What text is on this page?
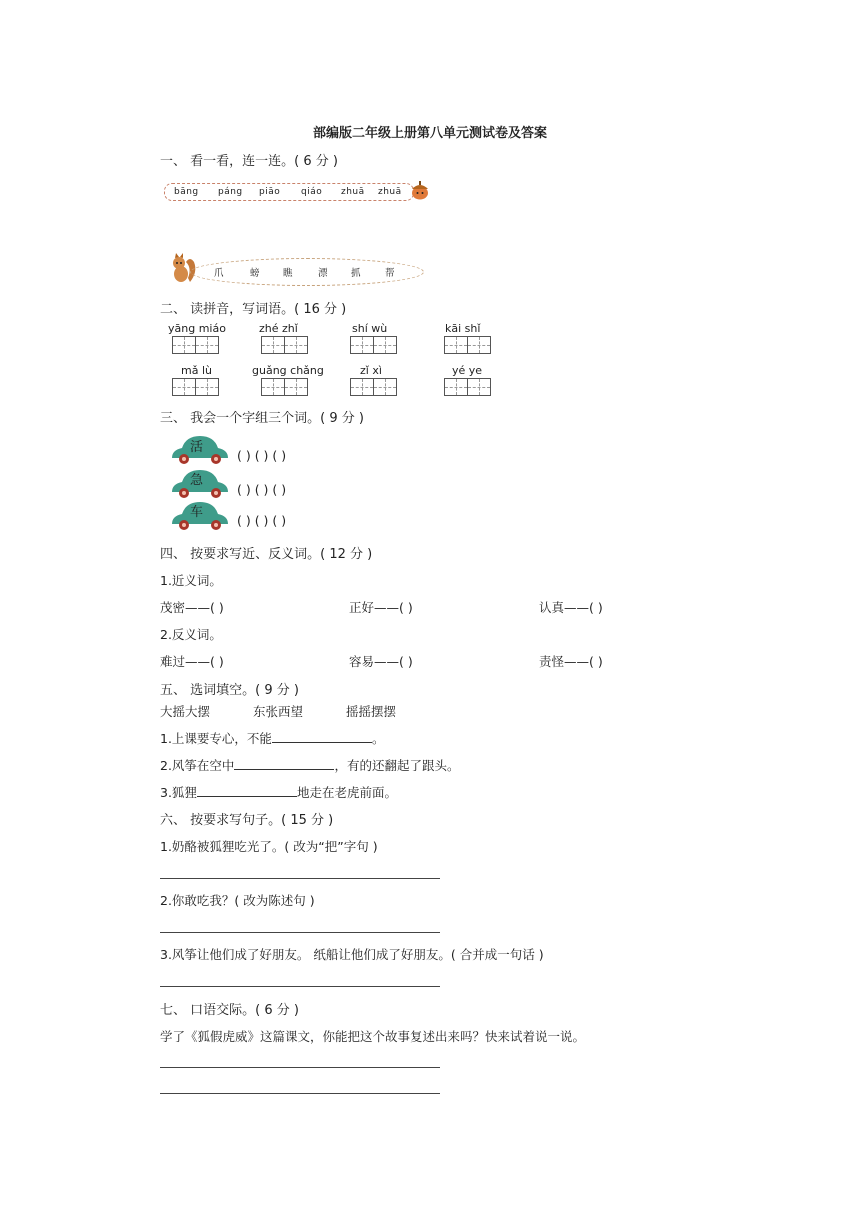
部编版二年级上册第八单元测试卷及答案
一、 看一看，连一连。( 6 分 )
bāng páng piāo qiáo zhuā zhuā
爪	螃 瞧	漂 抓	帮
二、 读拼音，写词语。( 16 分 )
yāng miáo	zhé zhǐ	shí wù	kāi shǐ
mǎ lù	guǎng chǎng	zǐ xì	yé ye
三、 我会一个字组三个词。( 9 分 )
活
( ) ( ) ( )
急
( ) ( ) ( )
车
( ) ( ) ( )
四、 按要求写近、反义词。( 12 分 )
1.近义词。
茂密——( )	正好——( )	认真——( )
2.反义词。
难过——( )	容易——( )	责怪——( )
五、 选词填空。( 9 分 )
大摇大摆	东张西望	摇摇摆摆
1.上课要专心，不能	。
2.风筝在空中	，有的还翻起了跟头。
3.狐狸	地走在老虎前面。
六、 按要求写句子。( 15 分 )
1.奶酪被狐狸吃光了。( 改为“把”字句 )
2.你敢吃我？( 改为陈述句 )
3.风筝让他们成了好朋友。 纸船让他们成了好朋友。( 合并成一句话 )
七、 口语交际。( 6 分 )
学了《狐假虎威》这篇课文，你能把这个故事复述出来吗？快来试着说一说。
